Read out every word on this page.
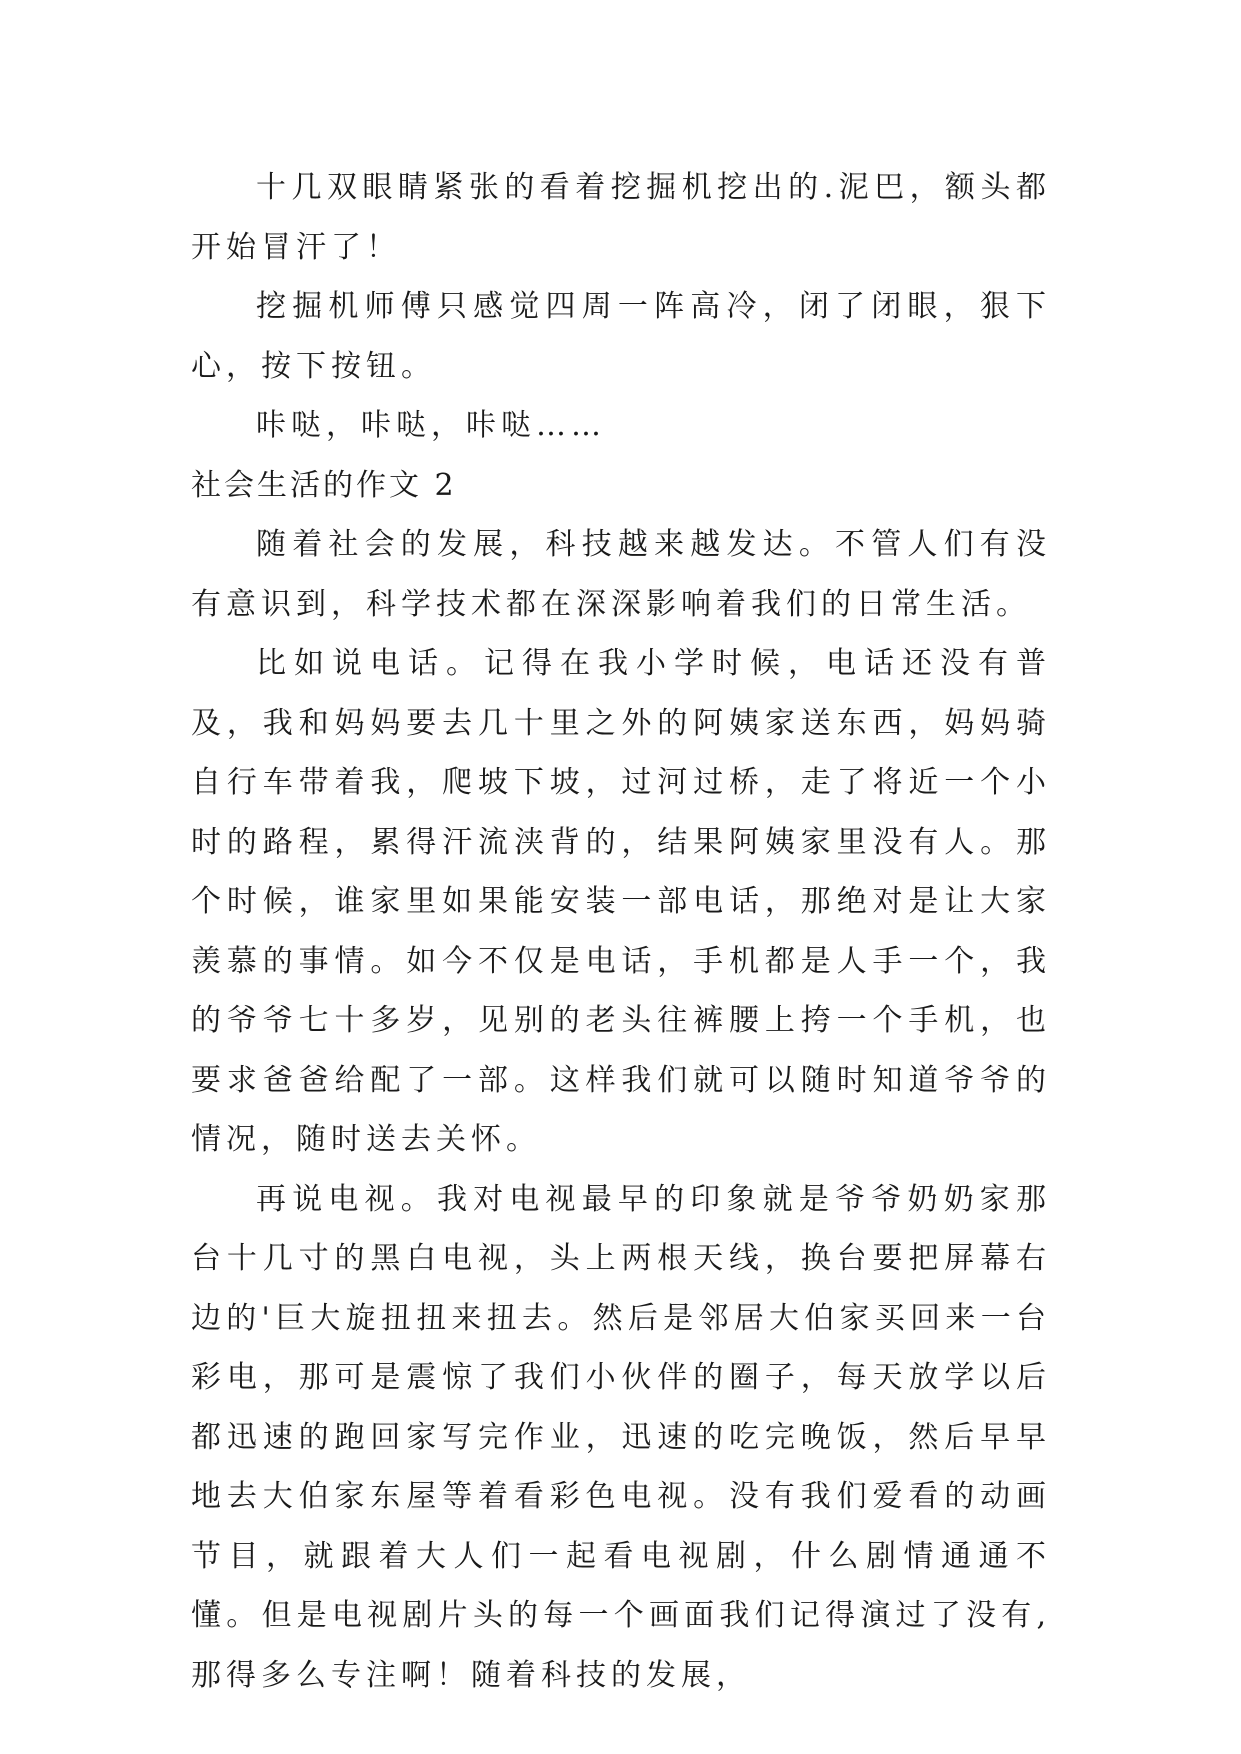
十几双眼睛紧张的看着挖掘机挖出的.泥巴，额头都开始冒汗了！

挖掘机师傅只感觉四周一阵高冷，闭了闭眼，狠下心，按下按钮。

咔哒，咔哒，咔哒……

社会生活的作文 2

随着社会的发展，科技越来越发达。不管人们有没有意识到，科学技术都在深深影响着我们的日常生活。

比如说电话。记得在我小学时候，电话还没有普及，我和妈妈要去几十里之外的阿姨家送东西，妈妈骑自行车带着我，爬坡下坡，过河过桥，走了将近一个小时的路程，累得汗流浃背的，结果阿姨家里没有人。那个时候，谁家里如果能安装一部电话，那绝对是让大家羡慕的事情。如今不仅是电话，手机都是人手一个，我的爷爷七十多岁，见别的老头往裤腰上挎一个手机，也要求爸爸给配了一部。这样我们就可以随时知道爷爷的情况，随时送去关怀。

再说电视。我对电视最早的印象就是爷爷奶奶家那台十几寸的黑白电视，头上两根天线，换台要把屏幕右边的'巨大旋扭扭来扭去。然后是邻居大伯家买回来一台彩电，那可是震惊了我们小伙伴的圈子，每天放学以后都迅速的跑回家写完作业，迅速的吃完晚饭，然后早早地去大伯家东屋等着看彩色电视。没有我们爱看的动画节目，就跟着大人们一起看电视剧，什么剧情通通不懂。但是电视剧片头的每一个画面我们记得演过了没有,那得多么专注啊！随着科技的发展，
